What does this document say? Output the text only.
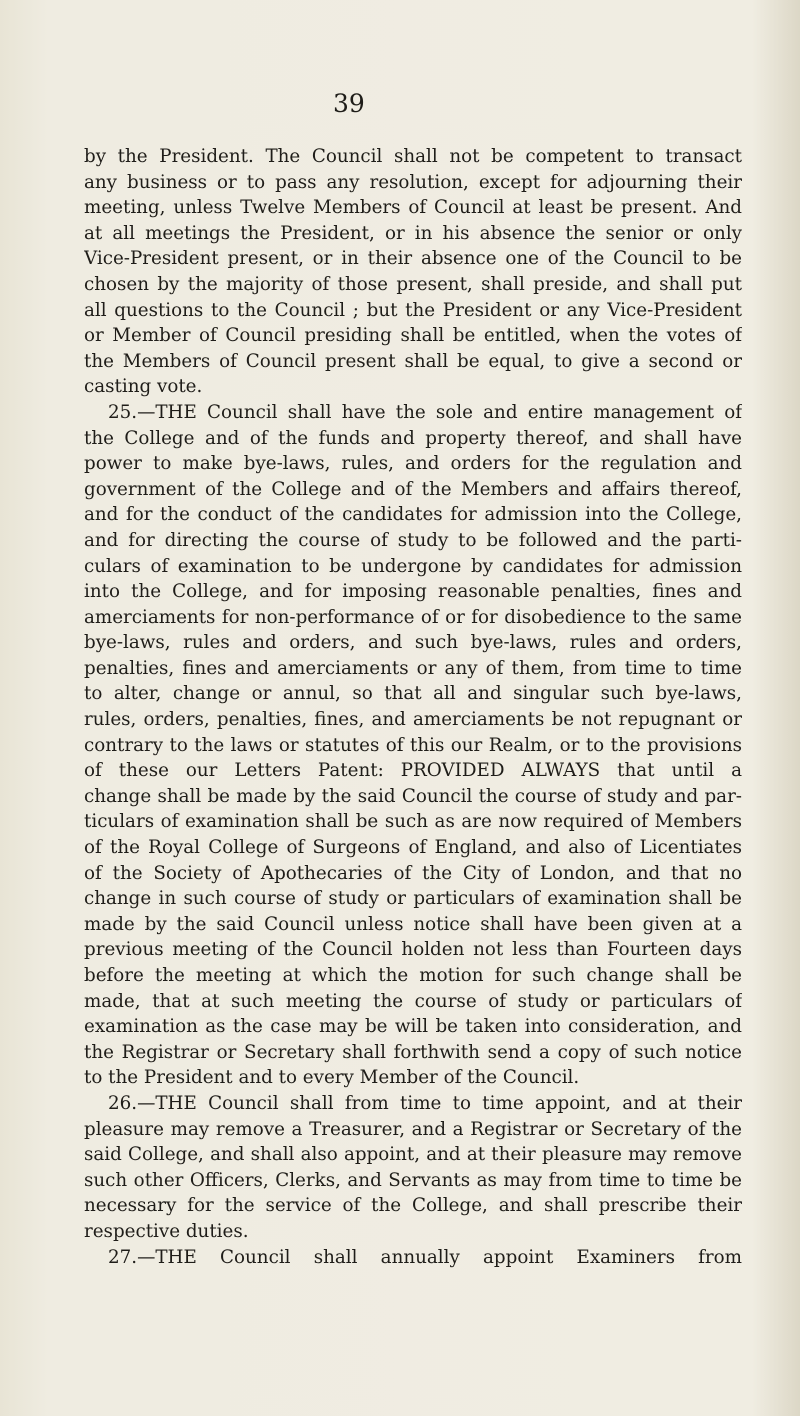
39
by the President. The Council shall not be competent to transact
any business or to pass any resolution, except for adjourning their
meeting, unless Twelve Members of Council at least be present. And
at all meetings the President, or in his absence the senior or only
Vice-President present, or in their absence one of the Council to be
chosen by the majority of those present, shall preside, and shall put
all questions to the Council ; but the President or any Vice-President
or Member of Council presiding shall be entitled, when the votes of
the Members of Council present shall be equal, to give a second or
casting vote.
25.—THE Council shall have the sole and entire management of
the College and of the funds and property thereof, and shall have
power to make bye-laws, rules, and orders for the regulation and
government of the College and of the Members and affairs thereof,
and for the conduct of the candidates for admission into the College,
and for directing the course of study to be followed and the parti-
culars of examination to be undergone by candidates for admission
into the College, and for imposing reasonable penalties, fines and
amerciaments for non-performance of or for disobedience to the same
bye-laws, rules and orders, and such bye-laws, rules and orders,
penalties, fines and amerciaments or any of them, from time to time
to alter, change or annul, so that all and singular such bye-laws,
rules, orders, penalties, fines, and amerciaments be not repugnant or
contrary to the laws or statutes of this our Realm, or to the provisions
of these our Letters Patent: PROVIDED ALWAYS that until a
change shall be made by the said Council the course of study and par-
ticulars of examination shall be such as are now required of Members
of the Royal College of Surgeons of England, and also of Licentiates
of the Society of Apothecaries of the City of London, and that no
change in such course of study or particulars of examination shall be
made by the said Council unless notice shall have been given at a
previous meeting of the Council holden not less than Fourteen days
before the meeting at which the motion for such change shall be
made, that at such meeting the course of study or particulars of
examination as the case may be will be taken into consideration, and
the Registrar or Secretary shall forthwith send a copy of such notice
to the President and to every Member of the Council.
26.—THE Council shall from time to time appoint, and at their
pleasure may remove a Treasurer, and a Registrar or Secretary of the
said College, and shall also appoint, and at their pleasure may remove
such other Officers, Clerks, and Servants as may from time to time be
necessary for the service of the College, and shall prescribe their
respective duties.
27.—THE Council shall annually appoint Examiners from
